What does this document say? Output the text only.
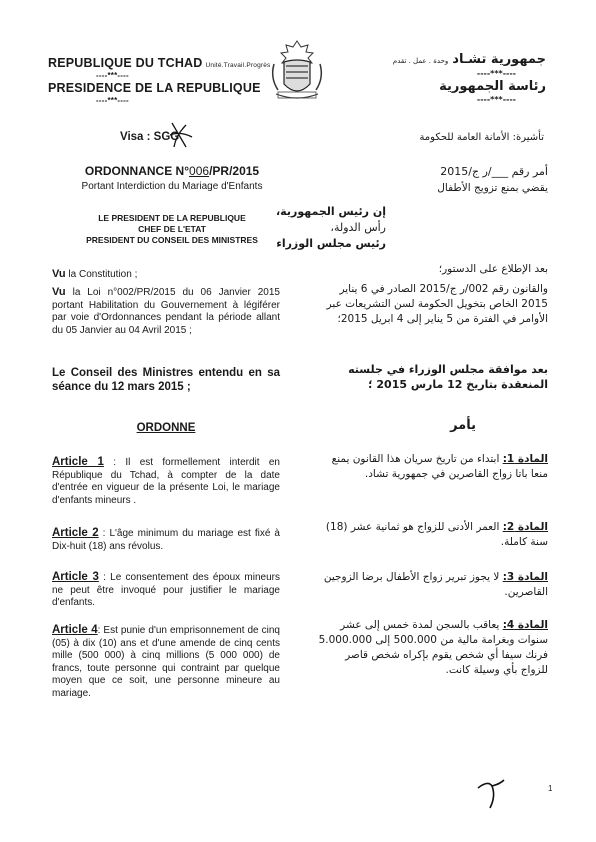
REPUBLIQUE DU TCHAD Unité.Travail.Progrès
----***----
PRESIDENCE DE LA REPUBLIQUE
----***----
جمهورية تشـادوحدة . عمل . تقدم
----***----
رئاسة الجمهورية
----***----
Visa : SGG	تأشيرة: الأمانة العامة للحكومة
ORDONNANCE N°006/PR/2015
Portant Interdiction du Mariage d'Enfants
أمر رقم ___/ر ج/2015
يقضي بمنع تزويج الأطفال
LE PRESIDENT DE LA REPUBLIQUE
CHEF DE L'ETAT
PRESIDENT DU CONSEIL DES MINISTRES
إن رئيس الجمهورية،
رأس الدولة،
رئيس مجلس الوزراء
Vu la Constitution ;
Vu la Loi n°002/PR/2015 du 06 Janvier 2015 portant Habilitation du Gouvernement à légiférer par voie d'Ordonnances pendant la période allant du 05 Janvier au 04 Avril 2015 ;
Le Conseil des Ministres entendu en sa séance du 12 mars 2015 ;
بعد الإطلاع على الدستور؛
والقانون رقم 002/ر ج/2015 الصادر في 6 يناير 2015 الخاص بتخويل الحكومة لسن التشريعات عبر الأوامر في الفترة من 5 يناير إلى 4 ابريل 2015؛
بعد موافقة مجلس الوزراء في جلسته المنعقدة بتاريخ 12 مارس 2015 ؛
ORDONNE	يأمر
Article 1 : Il est formellement interdit en République du Tchad, à compter de la date d'entrée en vigueur de la présente Loi, le mariage d'enfants mineurs .
Article 2 : L'âge minimum du mariage est fixé à Dix-huit (18) ans révolus.
Article 3 : Le consentement des époux mineurs ne peut être invoqué pour justifier le mariage d'enfants.
Article 4: Est punie d'un emprisonnement de cinq (05) à dix (10) ans et d'une amende de cinq cents mille (500 000) à cinq millions (5 000 000) de francs, toute personne qui contraint par quelque moyen que ce soit, une personne mineure au mariage.
المادة 1: ابتداء من تاريخ سريان هذا القانون يمنع منعا باتا زواج القاصرين في جمهورية تشاد.
المادة 2: العمر الأدنى للزواج هو ثمانية عشر (18) سنة كاملة.
المادة 3: لا يجوز تبرير زواج الأطفال برضا الزوجين القاصرين.
المادة 4: يعاقب بالسجن لمدة خمس إلى عشر سنوات وبغرامة مالية من 500.000 إلى 5.000.000 فرنك سيفا أي شخص يقوم بإكراه شخص قاصر للزواج بأي وسيلة كانت.
1
